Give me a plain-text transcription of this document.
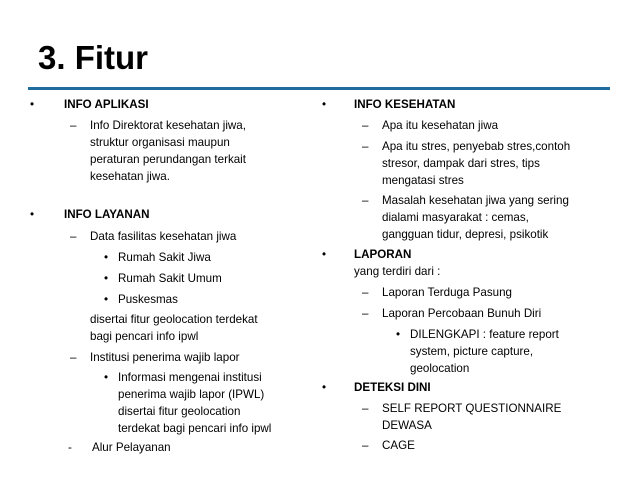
3. Fitur
•	INFO APLIKASI
– Info Direktorat kesehatan jiwa,
struktur organisasi maupun
peraturan perundangan terkait
kesehatan jiwa.
•	INFO LAYANAN
– Data fasilitas kesehatan jiwa
• Rumah Sakit Jiwa
• Rumah Sakit Umum
• Puskesmas
disertai fitur geolocation terdekat
bagi pencari info ipwl
– Institusi penerima wajib lapor
• Informasi mengenai institusi
penerima wajib lapor (IPWL)
disertai fitur geolocation
terdekat bagi pencari info ipwl
- Alur Pelayanan
• INFO KESEHATAN
– Apa itu kesehatan jiwa
– Apa itu stres, penyebab stres,contoh
stresor, dampak dari stres, tips
mengatasi stres
– Masalah kesehatan jiwa yang sering
dialami masyarakat : cemas,
gangguan tidur, depresi, psikotik
• LAPORAN
yang terdiri dari :
– Laporan Terduga Pasung
– Laporan Percobaan Bunuh Diri
• DILENGKAPI : feature report
system, picture capture,
geolocation
• DETEKSI DINI
– SELF REPORT QUESTIONNAIRE
DEWASA
– CAGE
